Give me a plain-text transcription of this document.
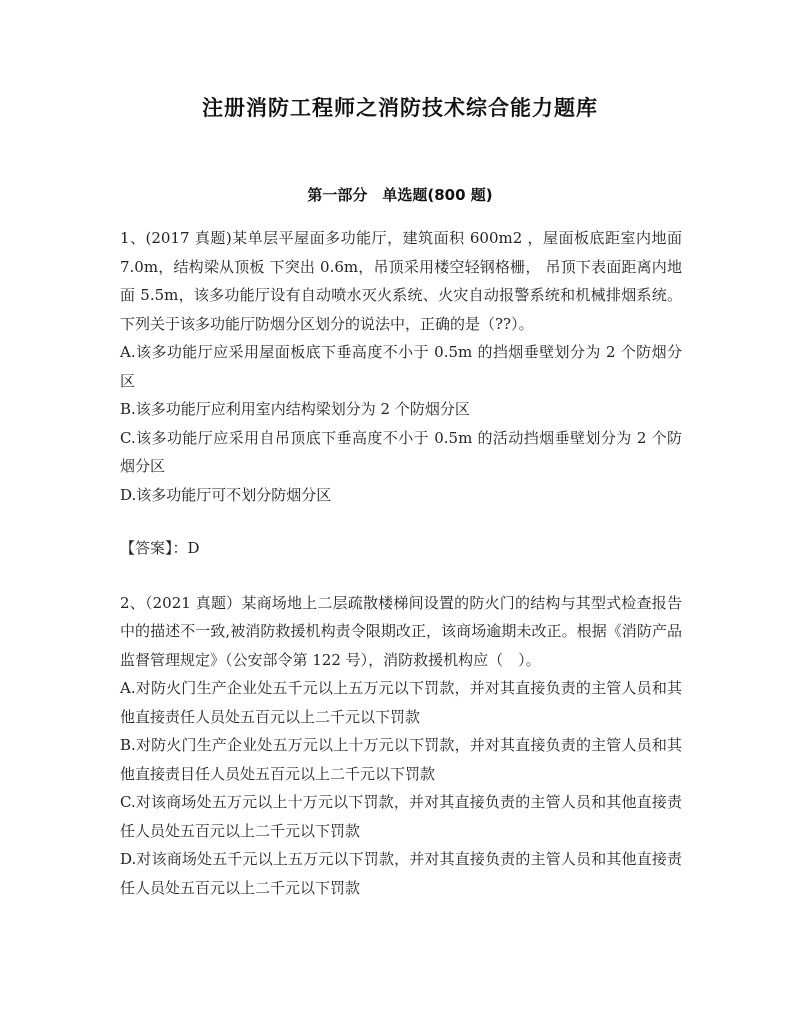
注册消防工程师之消防技术综合能力题库
第一部分　单选题(800 题)
1、(2017 真题)某单层平屋面多功能厅，建筑面积 600m2 ，屋面板底距室内地面 7.0m，结构梁从顶板 下突出 0.6m，吊顶采用楼空轻钢格栅， 吊顶下表面距离内地面 5.5m，该多功能厅设有自动喷水灭火系统、火灾自动报警系统和机械排烟系统。 下列关于该多功能厅防烟分区划分的说法中，正确的是（??）。
A.该多功能厅应采用屋面板底下垂高度不小于 0.5m 的挡烟垂壁划分为 2 个防烟分区
B.该多功能厅应利用室内结构梁划分为 2 个防烟分区
C.该多功能厅应采用自吊顶底下垂高度不小于 0.5m 的活动挡烟垂壁划分为 2 个防烟分区
D.该多功能厅可不划分防烟分区
【答案】：D
2、（2021 真题）某商场地上二层疏散楼梯间设置的防火门的结构与其型式检查报告中的描述不一致,被消防救援机构责令限期改正，该商场逾期未改正。根据《消防产品监督管理规定》（公安部令第 122 号），消防救援机构应（　）。
A.对防火门生产企业处五千元以上五万元以下罚款，并对其直接负责的主管人员和其他直接责任人员处五百元以上二千元以下罚款
B.对防火门生产企业处五万元以上十万元以下罚款，并对其直接负责的主管人员和其他直接责目任人员处五百元以上二千元以下罚款
C.对该商场处五万元以上十万元以下罚款，并对其直接负责的主管人员和其他直接责任人员处五百元以上二千元以下罚款
D.对该商场处五千元以上五万元以下罚款，并对其直接负责的主管人员和其他直接责任人员处五百元以上二千元以下罚款
